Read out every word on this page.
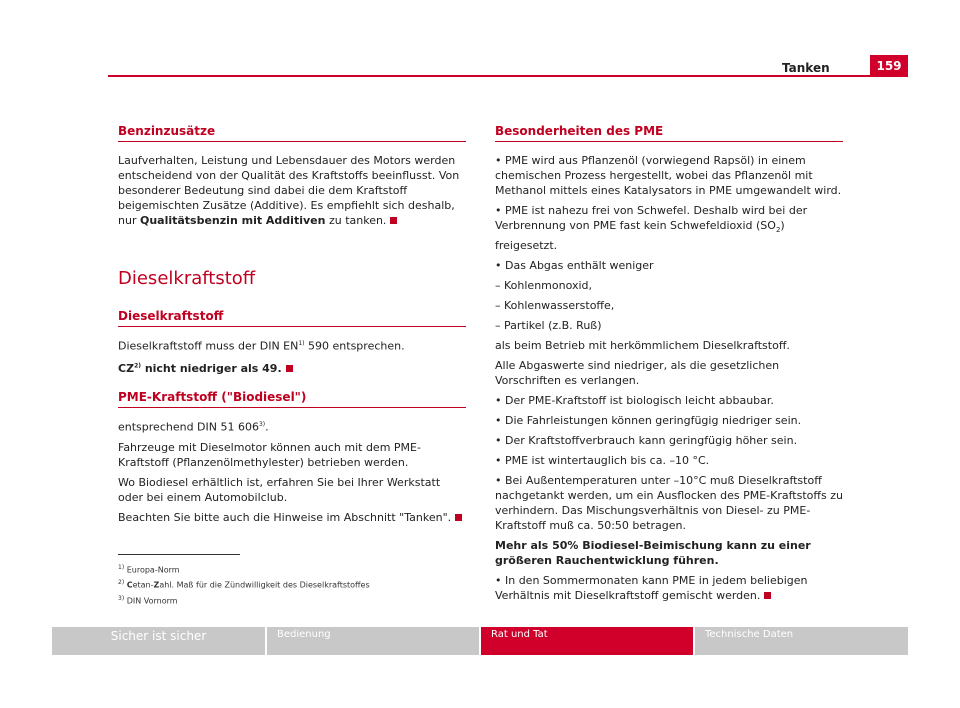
Tanken	159
Benzinzusätze

Laufverhalten, Leistung und Lebensdauer des Motors werden entscheidend von der Qualität des Kraftstoffs beeinflusst. Von besonderer Bedeutung sind dabei die dem Kraftstoff beigemischten Zusätze (Additive). Es empfiehlt sich deshalb, nur Qualitätsbenzin mit Additiven zu tanken.

Dieselkraftstoff
Dieselkraftstoff

Dieselkraftstoff muss der DIN EN$^{1)}$ 590 entsprechen.

CZ$^{2)}$ nicht niedriger als 49.

PME-Kraftstoff ("Biodiesel")

entsprechend DIN 51 606$^{3)}$.

Fahrzeuge mit Dieselmotor können auch mit dem PME-Kraftstoff (Pflanzenölmethylester) betrieben werden.

Wo Biodiesel erhältlich ist, erfahren Sie bei Ihrer Werkstatt oder bei einem Automobilclub.

Beachten Sie bitte auch die Hinweise im Abschnitt "Tanken".

Besonderheiten des PME

• PME wird aus Pflanzenöl (vorwiegend Rapsöl) in einem chemischen Prozess hergestellt, wobei das Pflanzenöl mit Methanol mittels eines Katalysators in PME umgewandelt wird.

• PME ist nahezu frei von Schwefel. Deshalb wird bei der Verbrennung von PME fast kein Schwefeldioxid $(SO_2)$ freigesetzt.

• Das Abgas enthält weniger

– Kohlenmonoxid,

– Kohlenwasserstoffe,

– Partikel (z.B. Ruß)

als beim Betrieb mit herkömmlichem Dieselkraftstoff.

Alle Abgaswerte sind niedriger, als die gesetzlichen Vorschriften es verlangen.

• Der PME-Kraftstoff ist biologisch leicht abbaubar.

• Die Fahrleistungen können geringfügig niedriger sein.

• Der Kraftstoffverbrauch kann geringfügig höher sein.

• PME ist wintertauglich bis ca. –10 °C.

• Bei Außentemperaturen unter –10°C muß Dieselkraftstoff nachgetankt werden, um ein Ausflocken des PME-Kraftstoffs zu verhindern. Das Mischungsverhältnis von Diesel- zu PME-Kraftstoff muß ca. 50:50 betragen.

Mehr als 50% Biodiesel-Beimischung kann zu einer größeren Rauchentwicklung führen.

• In den Sommermonaten kann PME in jedem beliebigen Verhältnis mit Dieselkraftstoff gemischt werden.

$^{1)}$ Europa-Norm
$^{2)}$ Cetan-Zahl. Maß für die Zündwilligkeit des Dieselkraftstoffes
$^{3)}$ DIN Vornorm
Sicher ist sicher	Bedienung	Rat und Tat	Technische Daten
